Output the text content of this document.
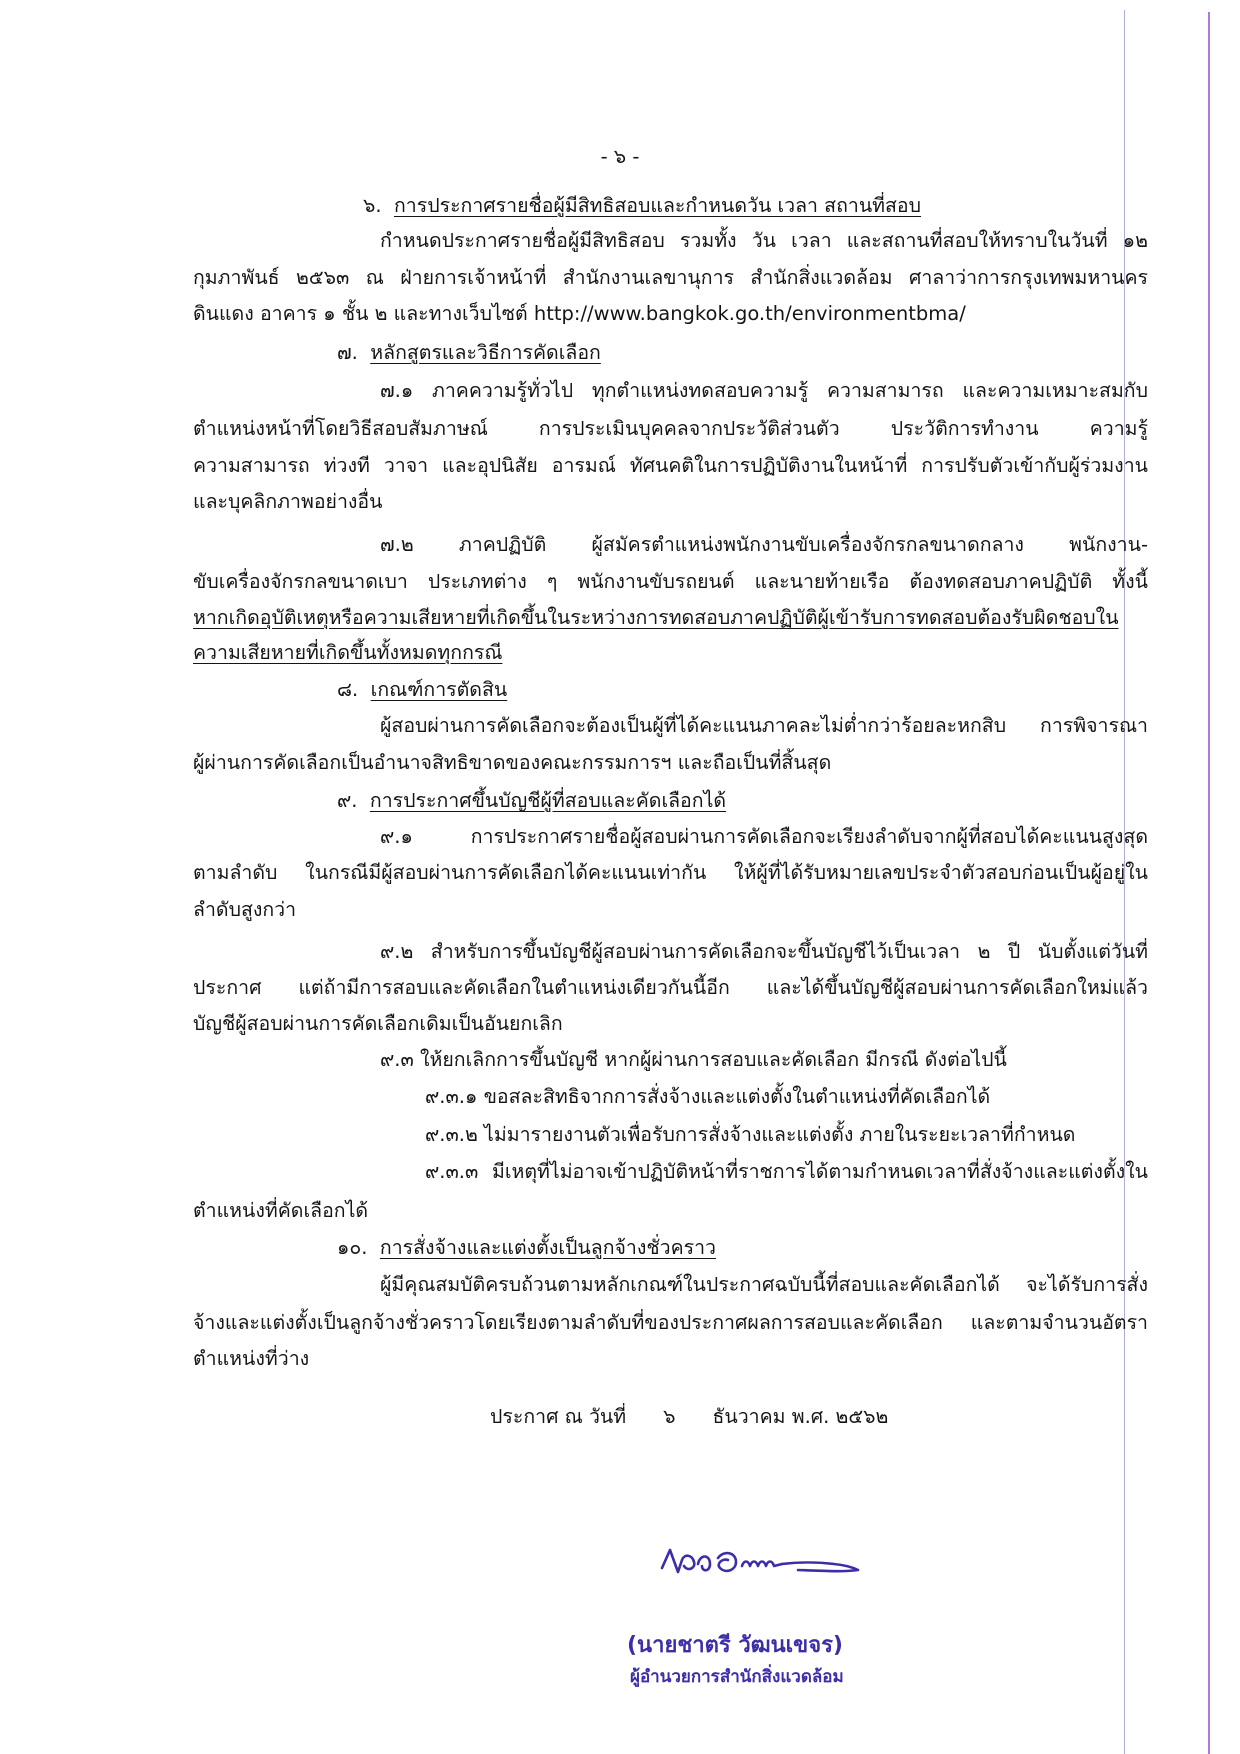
- ๖ -

๖. การประกาศรายชื่อผู้มีสิทธิสอบและกำหนดวัน เวลา สถานที่สอบ

กำหนดประกาศรายชื่อผู้มีสิทธิสอบ รวมทั้ง วัน เวลา และสถานที่สอบให้ทราบในวันที่ ๑๒

กุมภาพันธ์ ๒๕๖๓ ณ ฝ่ายการเจ้าหน้าที่ สำนักงานเลขานุการ สำนักสิ่งแวดล้อม ศาลาว่าการกรุงเทพมหานคร

ดินแดง อาคาร ๑ ชั้น ๒ และทางเว็บไซต์ http://www.bangkok.go.th/environmentbma/

๗. หลักสูตรและวิธีการคัดเลือก

๗.๑ ภาคความรู้ทั่วไป ทุกตำแหน่งทดสอบความรู้ ความสามารถ และความเหมาะสมกับ

ตำแหน่งหน้าที่โดยวิธีสอบสัมภาษณ์ การประเมินบุคคลจากประวัติส่วนตัว ประวัติการทำงาน ความรู้

ความสามารถ ท่วงที วาจา และอุปนิสัย อารมณ์ ทัศนคติในการปฏิบัติงานในหน้าที่ การปรับตัวเข้ากับผู้ร่วมงาน

และบุคลิกภาพอย่างอื่น

๗.๒ ภาคปฏิบัติ ผู้สมัครตำแหน่งพนักงานขับเครื่องจักรกลขนาดกลาง พนักงาน-

ขับเครื่องจักรกลขนาดเบา ประเภทต่าง ๆ พนักงานขับรถยนต์ และนายท้ายเรือ ต้องทดสอบภาคปฏิบัติ ทั้งนี้

หากเกิดอุบัติเหตุหรือความเสียหายที่เกิดขึ้นในระหว่างการทดสอบภาคปฏิบัติผู้เข้ารับการทดสอบต้องรับผิดชอบใน

ความเสียหายที่เกิดขึ้นทั้งหมดทุกกรณี

๘. เกณฑ์การตัดสิน

ผู้สอบผ่านการคัดเลือกจะต้องเป็นผู้ที่ได้คะแนนภาคละไม่ต่ำกว่าร้อยละหกสิบ การพิจารณา

ผู้ผ่านการคัดเลือกเป็นอำนาจสิทธิขาดของคณะกรรมการฯ และถือเป็นที่สิ้นสุด

๙. การประกาศขึ้นบัญชีผู้ที่สอบและคัดเลือกได้

๙.๑ การประกาศรายชื่อผู้สอบผ่านการคัดเลือกจะเรียงลำดับจากผู้ที่สอบได้คะแนนสูงสุด

ตามลำดับ ในกรณีมีผู้สอบผ่านการคัดเลือกได้คะแนนเท่ากัน ให้ผู้ที่ได้รับหมายเลขประจำตัวสอบก่อนเป็นผู้อยู่ใน

ลำดับสูงกว่า

๙.๒ สำหรับการขึ้นบัญชีผู้สอบผ่านการคัดเลือกจะขึ้นบัญชีไว้เป็นเวลา ๒ ปี นับตั้งแต่วันที่

ประกาศ แต่ถ้ามีการสอบและคัดเลือกในตำแหน่งเดียวกันนี้อีก และได้ขึ้นบัญชีผู้สอบผ่านการคัดเลือกใหม่แล้ว

บัญชีผู้สอบผ่านการคัดเลือกเดิมเป็นอันยกเลิก

๙.๓ ให้ยกเลิกการขึ้นบัญชี หากผู้ผ่านการสอบและคัดเลือก มีกรณี ดังต่อไปนี้

๙.๓.๑ ขอสละสิทธิจากการสั่งจ้างและแต่งตั้งในตำแหน่งที่คัดเลือกได้

๙.๓.๒ ไม่มารายงานตัวเพื่อรับการสั่งจ้างและแต่งตั้ง ภายในระยะเวลาที่กำหนด

๙.๓.๓ มีเหตุที่ไม่อาจเข้าปฏิบัติหน้าที่ราชการได้ตามกำหนดเวลาที่สั่งจ้างและแต่งตั้งใน

ตำแหน่งที่คัดเลือกได้

๑๐. การสั่งจ้างและแต่งตั้งเป็นลูกจ้างชั่วคราว

ผู้มีคุณสมบัติครบถ้วนตามหลักเกณฑ์ในประกาศฉบับนี้ที่สอบและคัดเลือกได้ จะได้รับการสั่ง

จ้างและแต่งตั้งเป็นลูกจ้างชั่วคราวโดยเรียงตามลำดับที่ของประกาศผลการสอบและคัดเลือก และตามจำนวนอัตรา

ตำแหน่งที่ว่าง

ประกาศ ณ วันที่ ๖ ธันวาคม พ.ศ. ๒๕๖๒

(นายชาตรี วัฒนเขจร)

ผู้อำนวยการสำนักสิ่งแวดล้อม
